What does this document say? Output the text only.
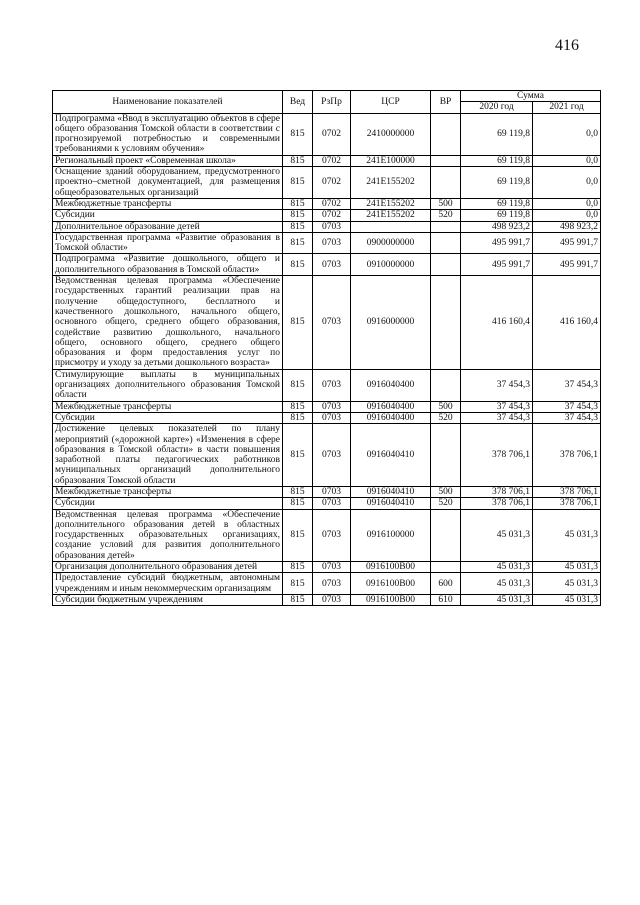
416
Наименование показателей	Вед	РзПр	ЦСР	ВР	Сумма	
					2020 год	2021 год
Подпрограмма «Ввод в эксплуатацию объектов в сфере общего образования Томской области в соответствии с прогнозируемой потребностью и современными требованиями к условиям обучения»	815	0702	2410000000		69 119,8	0,0
Региональный проект «Современная школа»	815	0702	241E100000		69 119,8	0,0
Оснащение зданий оборудованием, предусмотренного проектно–сметной документацией, для размещения общеобразовательных организаций	815	0702	241E155202		69 119,8	0,0
Межбюджетные трансферты	815	0702	241E155202	500	69 119,8	0,0
Субсидии	815	0702	241E155202	520	69 119,8	0,0
Дополнительное образование детей	815	0703			498 923,2	498 923,2
Государственная программа «Развитие образования в Томской области»	815	0703	0900000000		495 991,7	495 991,7
Подпрограмма «Развитие дошкольного, общего и дополнительного образования в Томской области»	815	0703	0910000000		495 991,7	495 991,7
Ведомственная целевая программа «Обеспечение государственных гарантий реализации прав на получение общедоступного, бесплатного и качественного дошкольного, начального общего, основного общего, среднего общего образования, содействие развитию дошкольного, начального общего, основного общего, среднего общего образования и форм предоставления услуг по присмотру и уходу за детьми дошкольного возраста»	815	0703	0916000000		416 160,4	416 160,4
Стимулирующие выплаты в муниципальных организациях дополнительного образования Томской области	815	0703	0916040400		37 454,3	37 454,3
Межбюджетные трансферты	815	0703	0916040400	500	37 454,3	37 454,3
Субсидии	815	0703	0916040400	520	37 454,3	37 454,3
Достижение целевых показателей по плану мероприятий («дорожной карте») «Изменения в сфере образования в Томской области» в части повышения заработной платы педагогических работников муниципальных организаций дополнительного образования Томской области	815	0703	0916040410		378 706,1	378 706,1
Межбюджетные трансферты	815	0703	0916040410	500	378 706,1	378 706,1
Субсидии	815	0703	0916040410	520	378 706,1	378 706,1
Ведомственная целевая программа «Обеспечение дополнительного образования детей в областных государственных образовательных организациях, создание условий для развития дополнительного образования детей»	815	0703	0916100000		45 031,3	45 031,3
Организация дополнительного образования детей	815	0703	0916100В00		45 031,3	45 031,3
Предоставление субсидий бюджетным, автономным учреждениям и иным некоммерческим организациям	815	0703	0916100В00	600	45 031,3	45 031,3
Субсидии бюджетным учреждениям	815	0703	0916100В00	610	45 031,3	45 031,3
